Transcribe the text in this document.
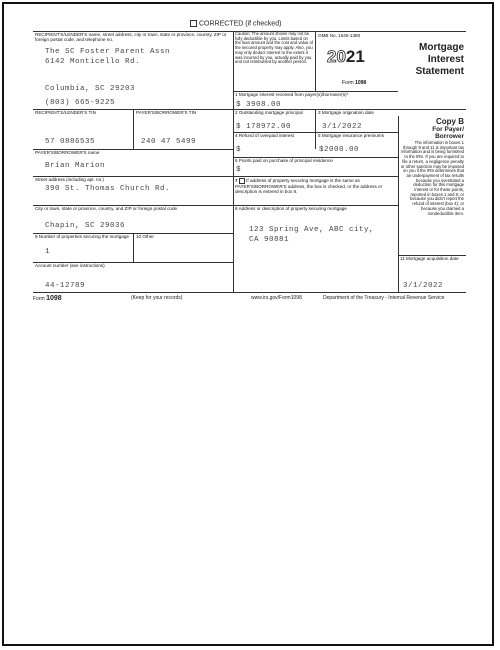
CORRECTED (if checked)
RECIPIENT'S/LENDER'S name, street address, city or town, state or province, country, ZIP or foreign postal code, and telephone no.
The SC Foster Parent Assn
6142 Monticello Rd.
Columbia, SC 29203
(803) 665-9225
Caution: The amount shown may not be fully deductible by you. Limits based on the loan amount and the cost and value of the secured property may apply. Also, you may only deduct interest to the extent it was incurred by you, actually paid by you, and not reimbursed by another person.
OMB No. 1545-1380
2021
Form 1098
Mortgage
Interest
Statement
1 Mortgage interest received from payer(s)/borrower(s)*
$ 3908.00
RECIPIENT'S/LENDER'S TIN
57 0886535
PAYER'S/BORROWER'S TIN
240 47 5499
2 Outstanding mortgage principal
$ 178972.00
3 Mortgage origination date
3/1/2022
Copy B
For Payer/
Borrower
The information in boxes 1 through 9 and 11 is important tax information and is being furnished to the IRS. If you are required to file a return, a negligence penalty or other sanction may be imposed on you if the IRS determines that an underpayment of tax results because you overstated a deduction for this mortgage interest or for these points, reported in boxes 1 and 6; or because you didn't report the refund of interest (box 4); or because you claimed a nondeductible item.
4 Refund of overpaid interest
$
5 Mortgage insurance premiums
$2000.00
PAYER'S/BORROWER'S name
Brian Marion
6 Points paid on purchase of principal residence
$
Street address (including apt. no.)
390 St. Thomas Church Rd.
7 If address of property securing mortgage is the same as PAYER'S/BORROWER'S address, the box is checked, or the address or description is entered in box 8.
City or town, state or province, country, and ZIP or foreign postal code
Chapin, SC 29036
8 Address or description of property securing mortgage
123 Spring Ave, ABC city,
CA 90881
9 Number of properties securing the mortgage
1
10 Other
Account number (see instructions)
44-12789
11 Mortgage acquisition date
3/1/2022
Form 1098	(Keep for your records)	www.irs.gov/Form1098	Department of the Treasury - Internal Revenue Service
